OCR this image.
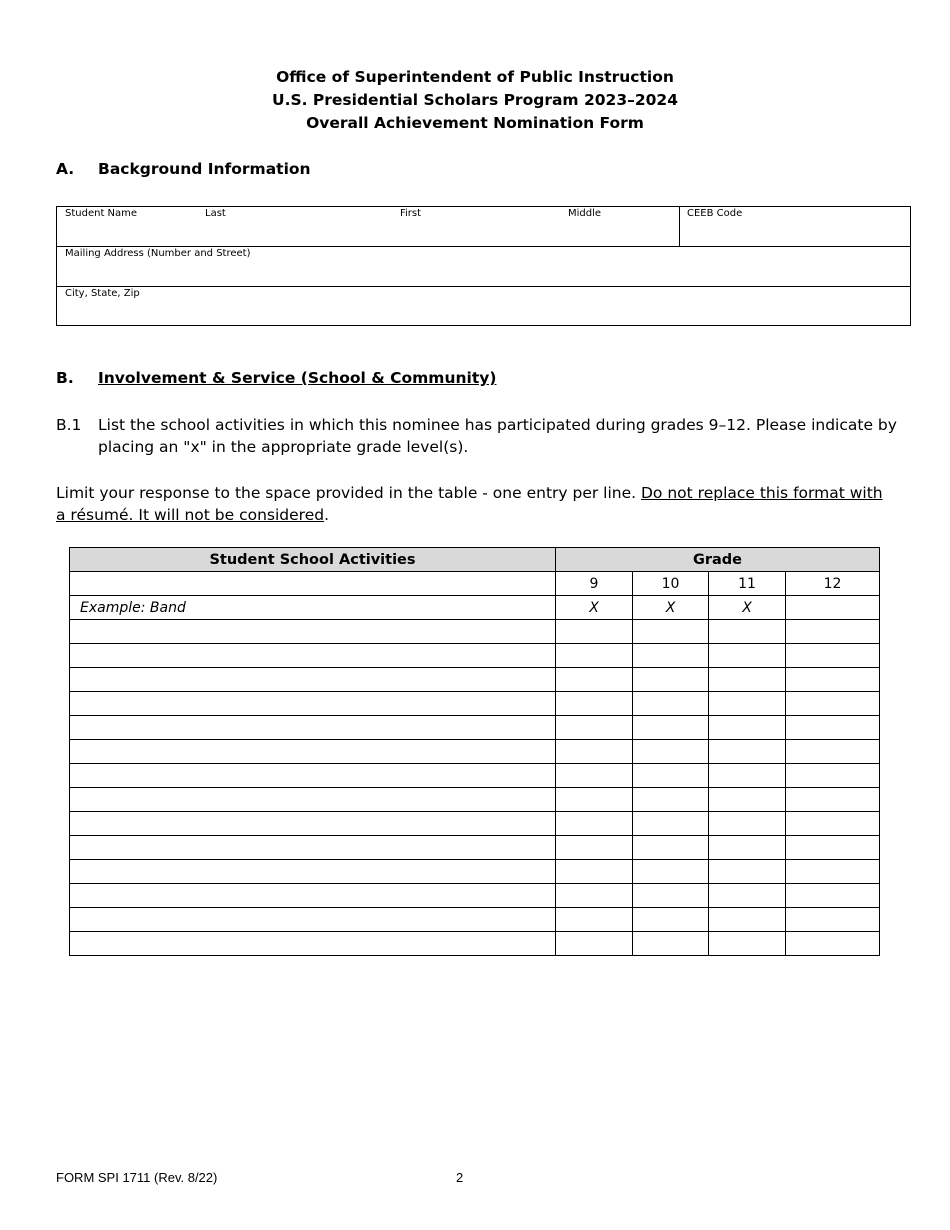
Office of Superintendent of Public Instruction
U.S. Presidential Scholars Program 2023–2024
Overall Achievement Nomination Form
A. Background Information
Student Name	Last	First	Middle	CEEB Code
Mailing Address (Number and Street)
City, State, Zip
B. Involvement & Service (School & Community)
B.1 List the school activities in which this nominee has participated during grades 9–12. Please indicate by placing an "x" in the appropriate grade level(s).
Limit your response to the space provided in the table - one entry per line. Do not replace this format with a résumé. It will not be considered.
Student School Activities	Grade			
	9	10	11	12
Example: Band	X	X	X	

FORM SPI 1711 (Rev. 8/22)	2
